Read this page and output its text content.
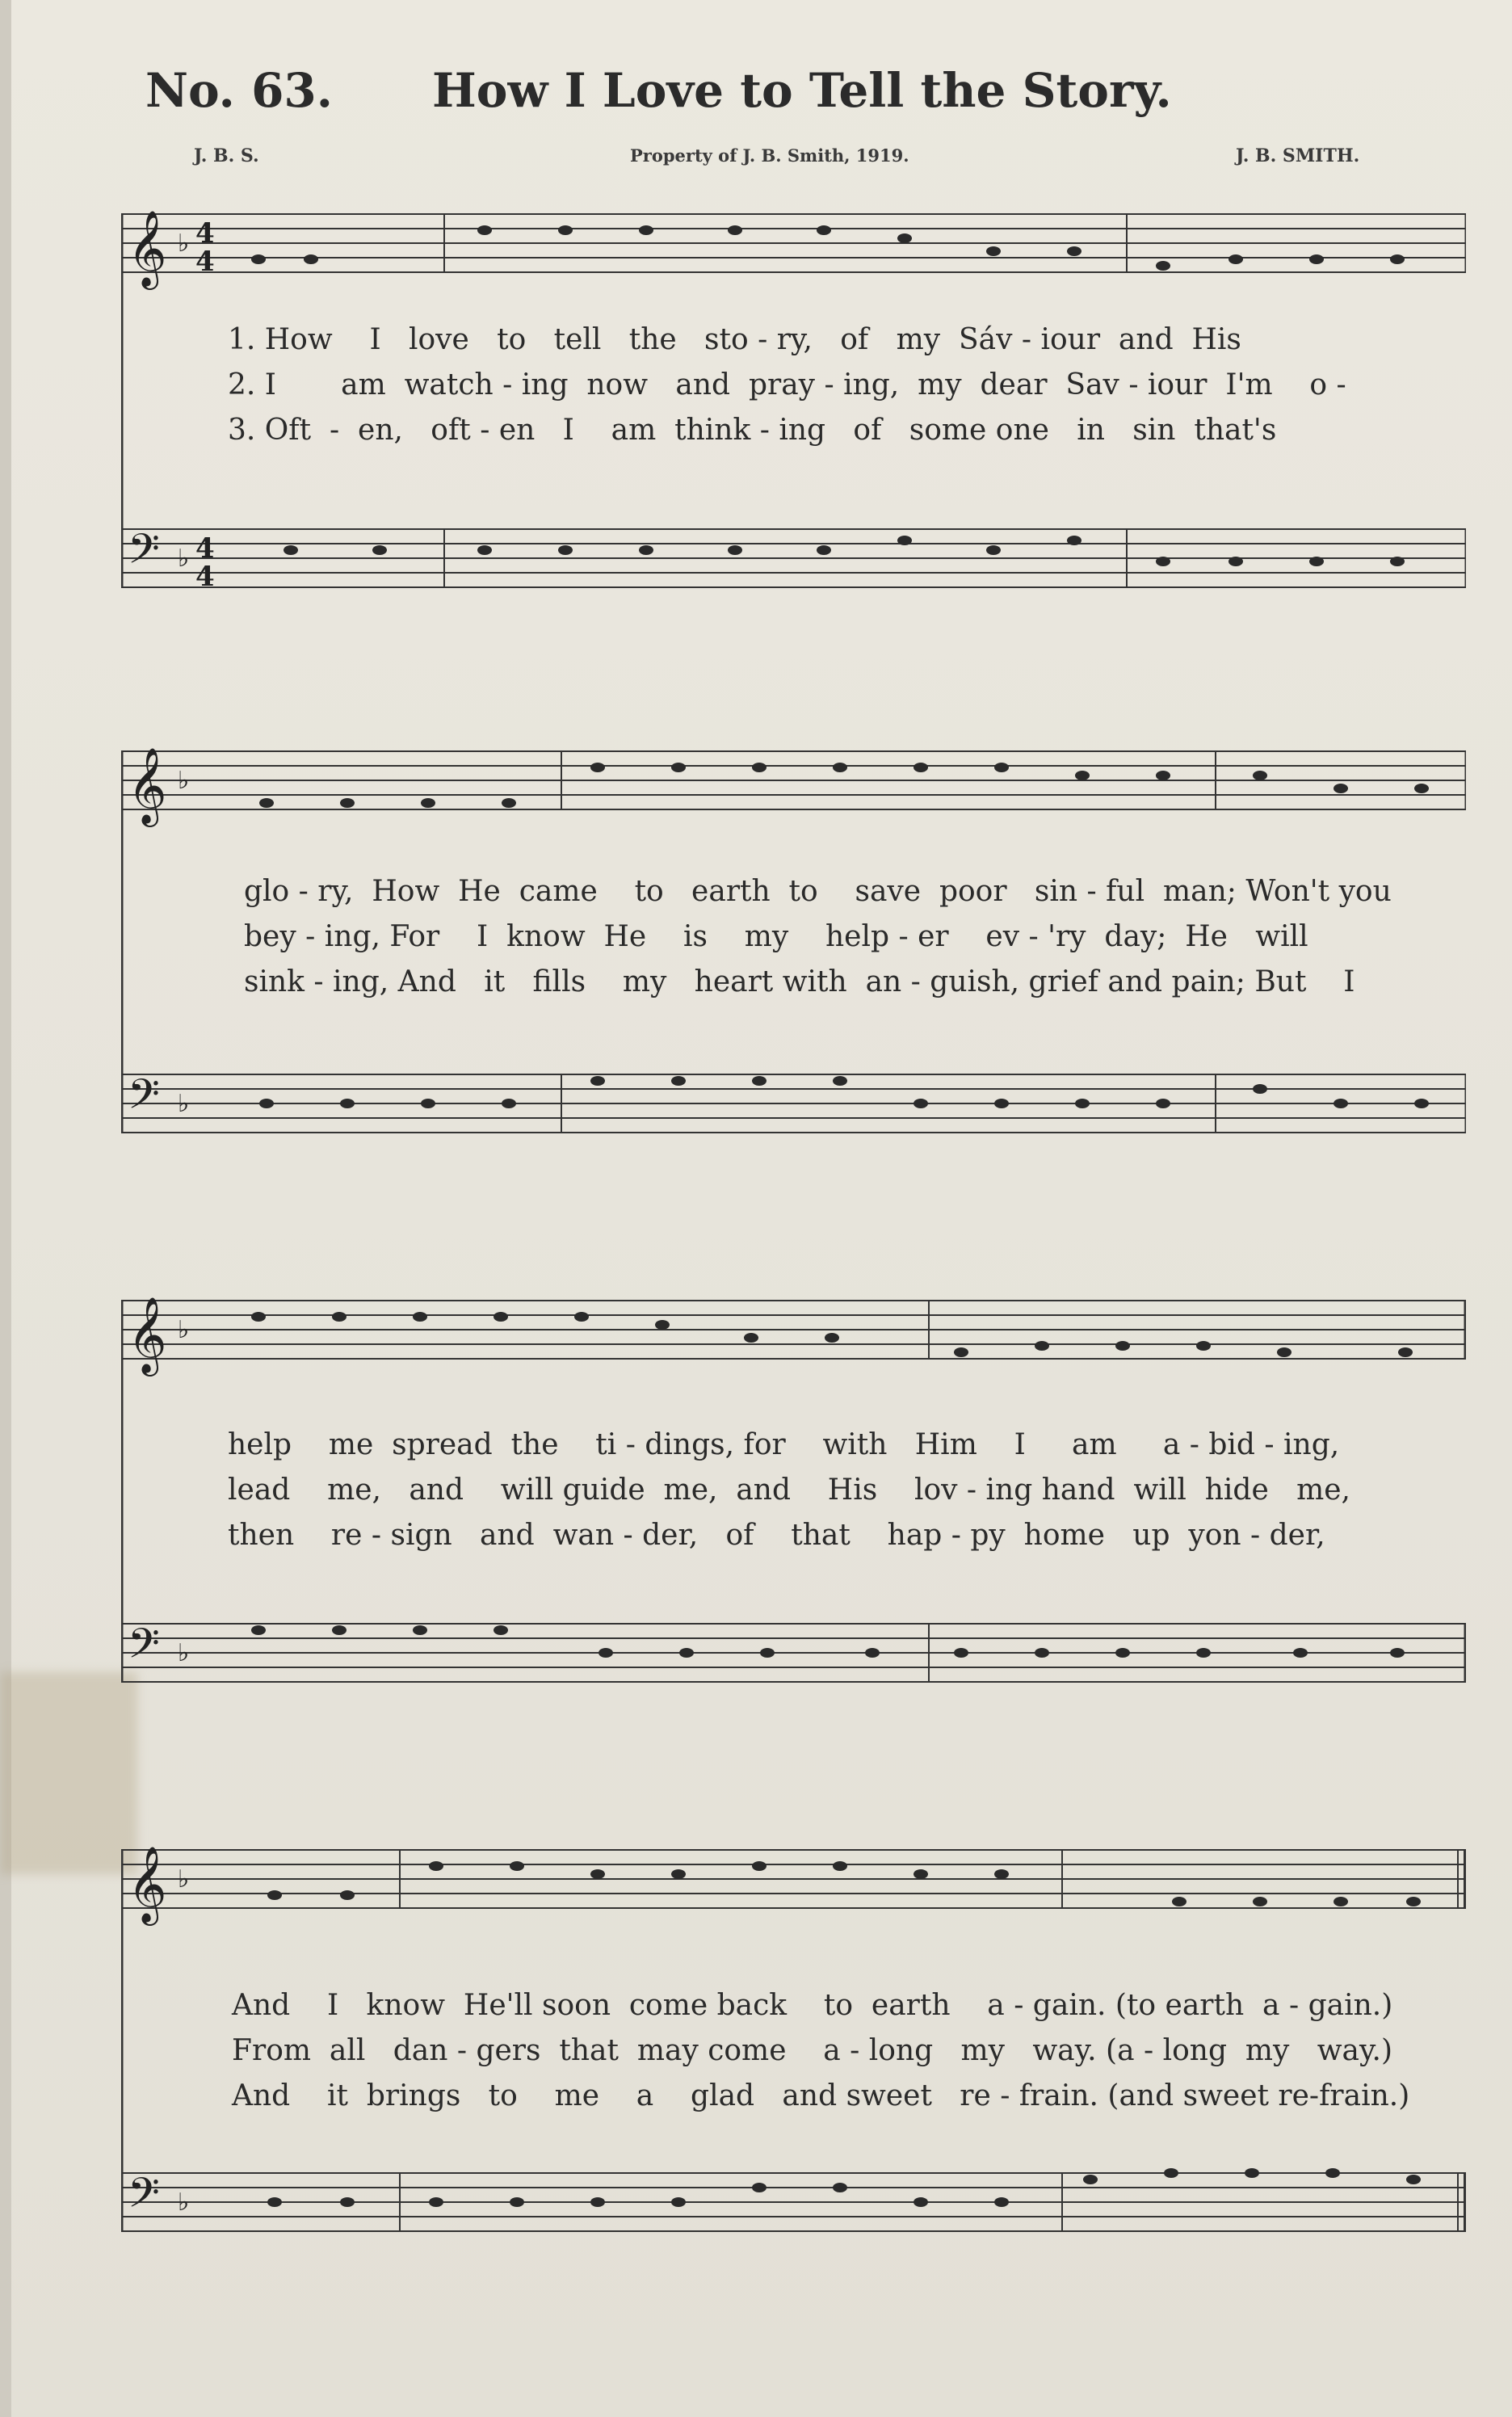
No. 63. How I Love to Tell the Story.
J. B. S.	Property of J. B. Smith, 1919.	J. B. SMITH.
𝄞
𝄢
♭
♭
4
4
4
4
1. How    I   love   to   tell   the   sto - ry,   of   my  Sáv - iour  and  His
2. I       am  watch - ing  now   and  pray - ing,  my  dear  Sav - iour  I'm    o -
3. Oft  -  en,   oft - en   I    am  think - ing   of   some one   in   sin  that's
𝄞
𝄢
♭
♭
glo - ry,  How  He  came    to   earth  to    save  poor   sin - ful  man; Won't you
bey - ing, For    I  know  He    is    my    help - er    ev - 'ry  day;  He   will
sink - ing, And   it   fills    my   heart with  an - guish, grief and pain; But    I
𝄞
𝄢
♭
♭
help    me  spread  the    ti - dings, for    with   Him    I     am     a - bid - ing,
lead    me,   and    will guide  me,  and    His    lov - ing hand  will  hide   me,
then    re - sign   and  wan - der,   of    that    hap - py  home   up  yon - der,
𝄞
𝄢
♭
♭
And    I   know  He'll soon  come back    to  earth    a - gain. (to earth  a - gain.)
From  all   dan - gers  that  may come    a - long   my   way. (a - long  my   way.)
And    it  brings   to    me    a    glad   and sweet   re - frain. (and sweet re-frain.)
